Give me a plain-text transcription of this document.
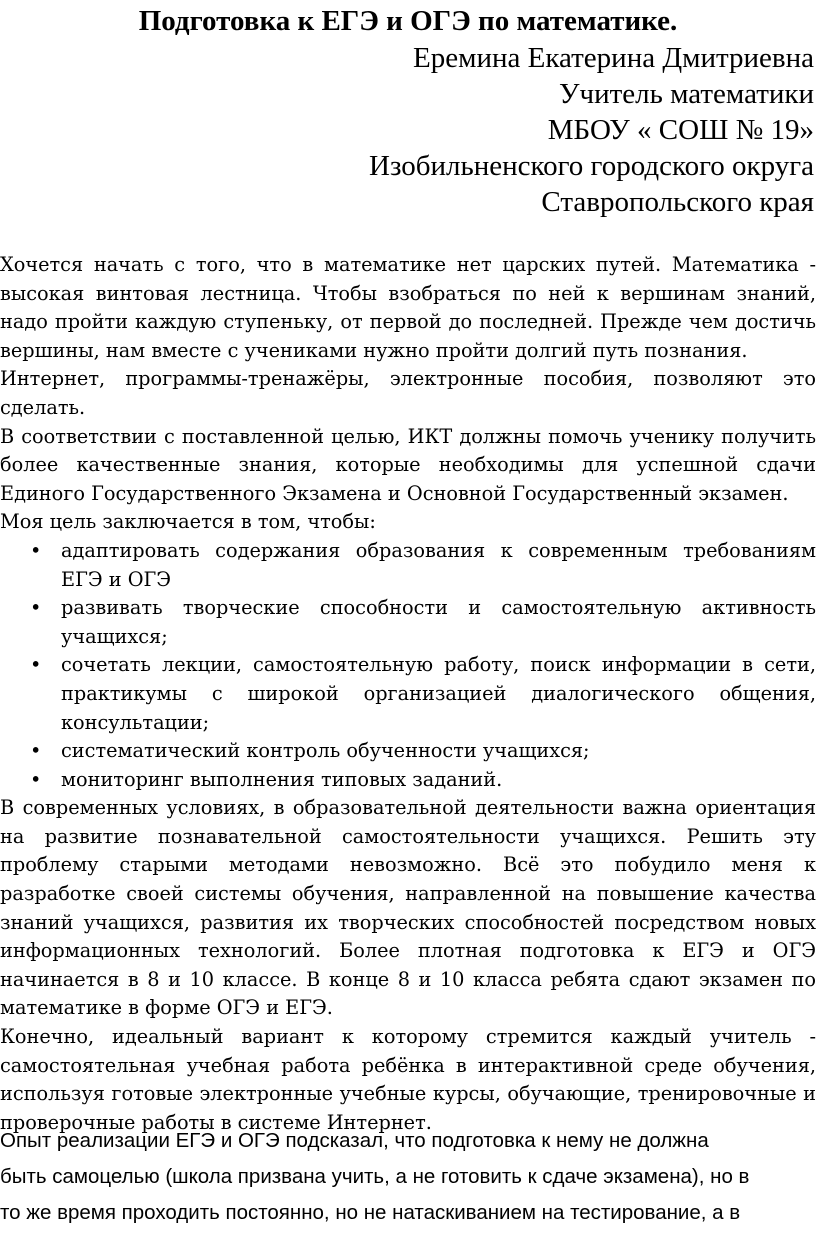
Подготовка к ЕГЭ и ОГЭ по математике.
Еремина Екатерина Дмитриевна
Учитель математики
МБОУ « СОШ № 19»
Изобильненского городского округа
Ставропольского края

Хочется начать с того, что в математике нет царских путей. Математика - высокая винтовая лестница. Чтобы взобраться по ней к вершинам знаний, надо пройти каждую ступеньку, от первой до последней. Прежде чем достичь вершины, нам вместе с учениками нужно пройти долгий путь познания.

Интернет, программы-тренажёры, электронные пособия, позволяют это сделать.

В соответствии с поставленной целью, ИКТ должны помочь ученику получить более качественные знания, которые необходимы для успешной сдачи Единого Государственного Экзамена и Основной Государственный экзамен.

Моя цель заключается в том, чтобы:

• адаптировать содержания образования к современным требованиям ЕГЭ и ОГЭ
• развивать творческие способности и самостоятельную активность учащихся;
• сочетать лекции, самостоятельную работу, поиск информации в сети, практикумы с широкой организацией диалогического общения, консультации;
• систематический контроль обученности учащихся;
• мониторинг выполнения типовых заданий.

В современных условиях, в образовательной деятельности важна ориентация на развитие познавательной самостоятельности учащихся. Решить эту проблему старыми методами невозможно. Всё это побудило меня к разработке своей системы обучения, направленной на повышение качества знаний учащихся, развития их творческих способностей посредством новых информационных технологий. Более плотная подготовка к ЕГЭ и ОГЭ начинается в 8 и 10 классе. В конце 8 и 10 класса ребята сдают экзамен по математике в форме ОГЭ и ЕГЭ.

Конечно, идеальный вариант к которому стремится каждый учитель - самостоятельная учебная работа ребёнка в интерактивной среде обучения, используя готовые электронные учебные курсы, обучающие, тренировочные и проверочные работы в системе Интернет.

Опыт реализации ЕГЭ и ОГЭ подсказал, что подготовка к нему не должна
быть самоцелью (школа призвана учить, а не готовить к сдаче экзамена), но в
то же время проходить постоянно, но не натаскиванием на тестирование, а в
